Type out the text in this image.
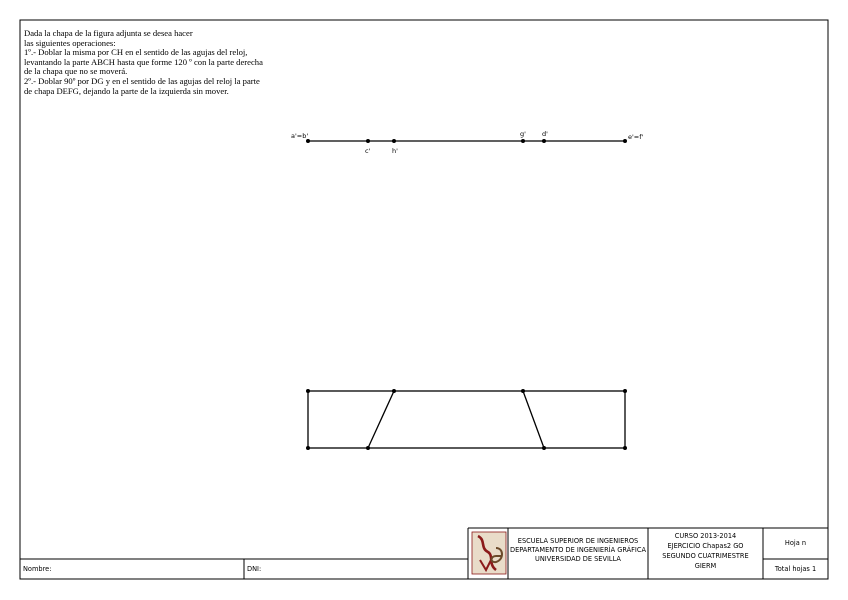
Dada la chapa de la figura adjunta se desea hacer
las siguientes operaciones:
1º.- Doblar la misma por CH en el sentido de las agujas del reloj,
levantando la parte ABCH hasta que forme 120 º con la parte derecha
de la chapa que no se moverá.
2º.- Doblar 90º por DG y en el sentido de las agujas del reloj la parte
de chapa DEFG, dejando la parte de la izquierda sin mover.
a'=b'
c'	h'
g' d'	e'=f'
ESCUELA SUPERIOR DE INGENIEROS
DEPARTAMENTO DE INGENIERÍA GRÁFICA
UNIVERSIDAD DE SEVILLA
CURSO 2013-2014
EJERCICIO Chapas2 GO
SEGUNDO CUATRIMESTRE
GIERM
Hoja n
Total hojas 1
Nombre:	DNI:
